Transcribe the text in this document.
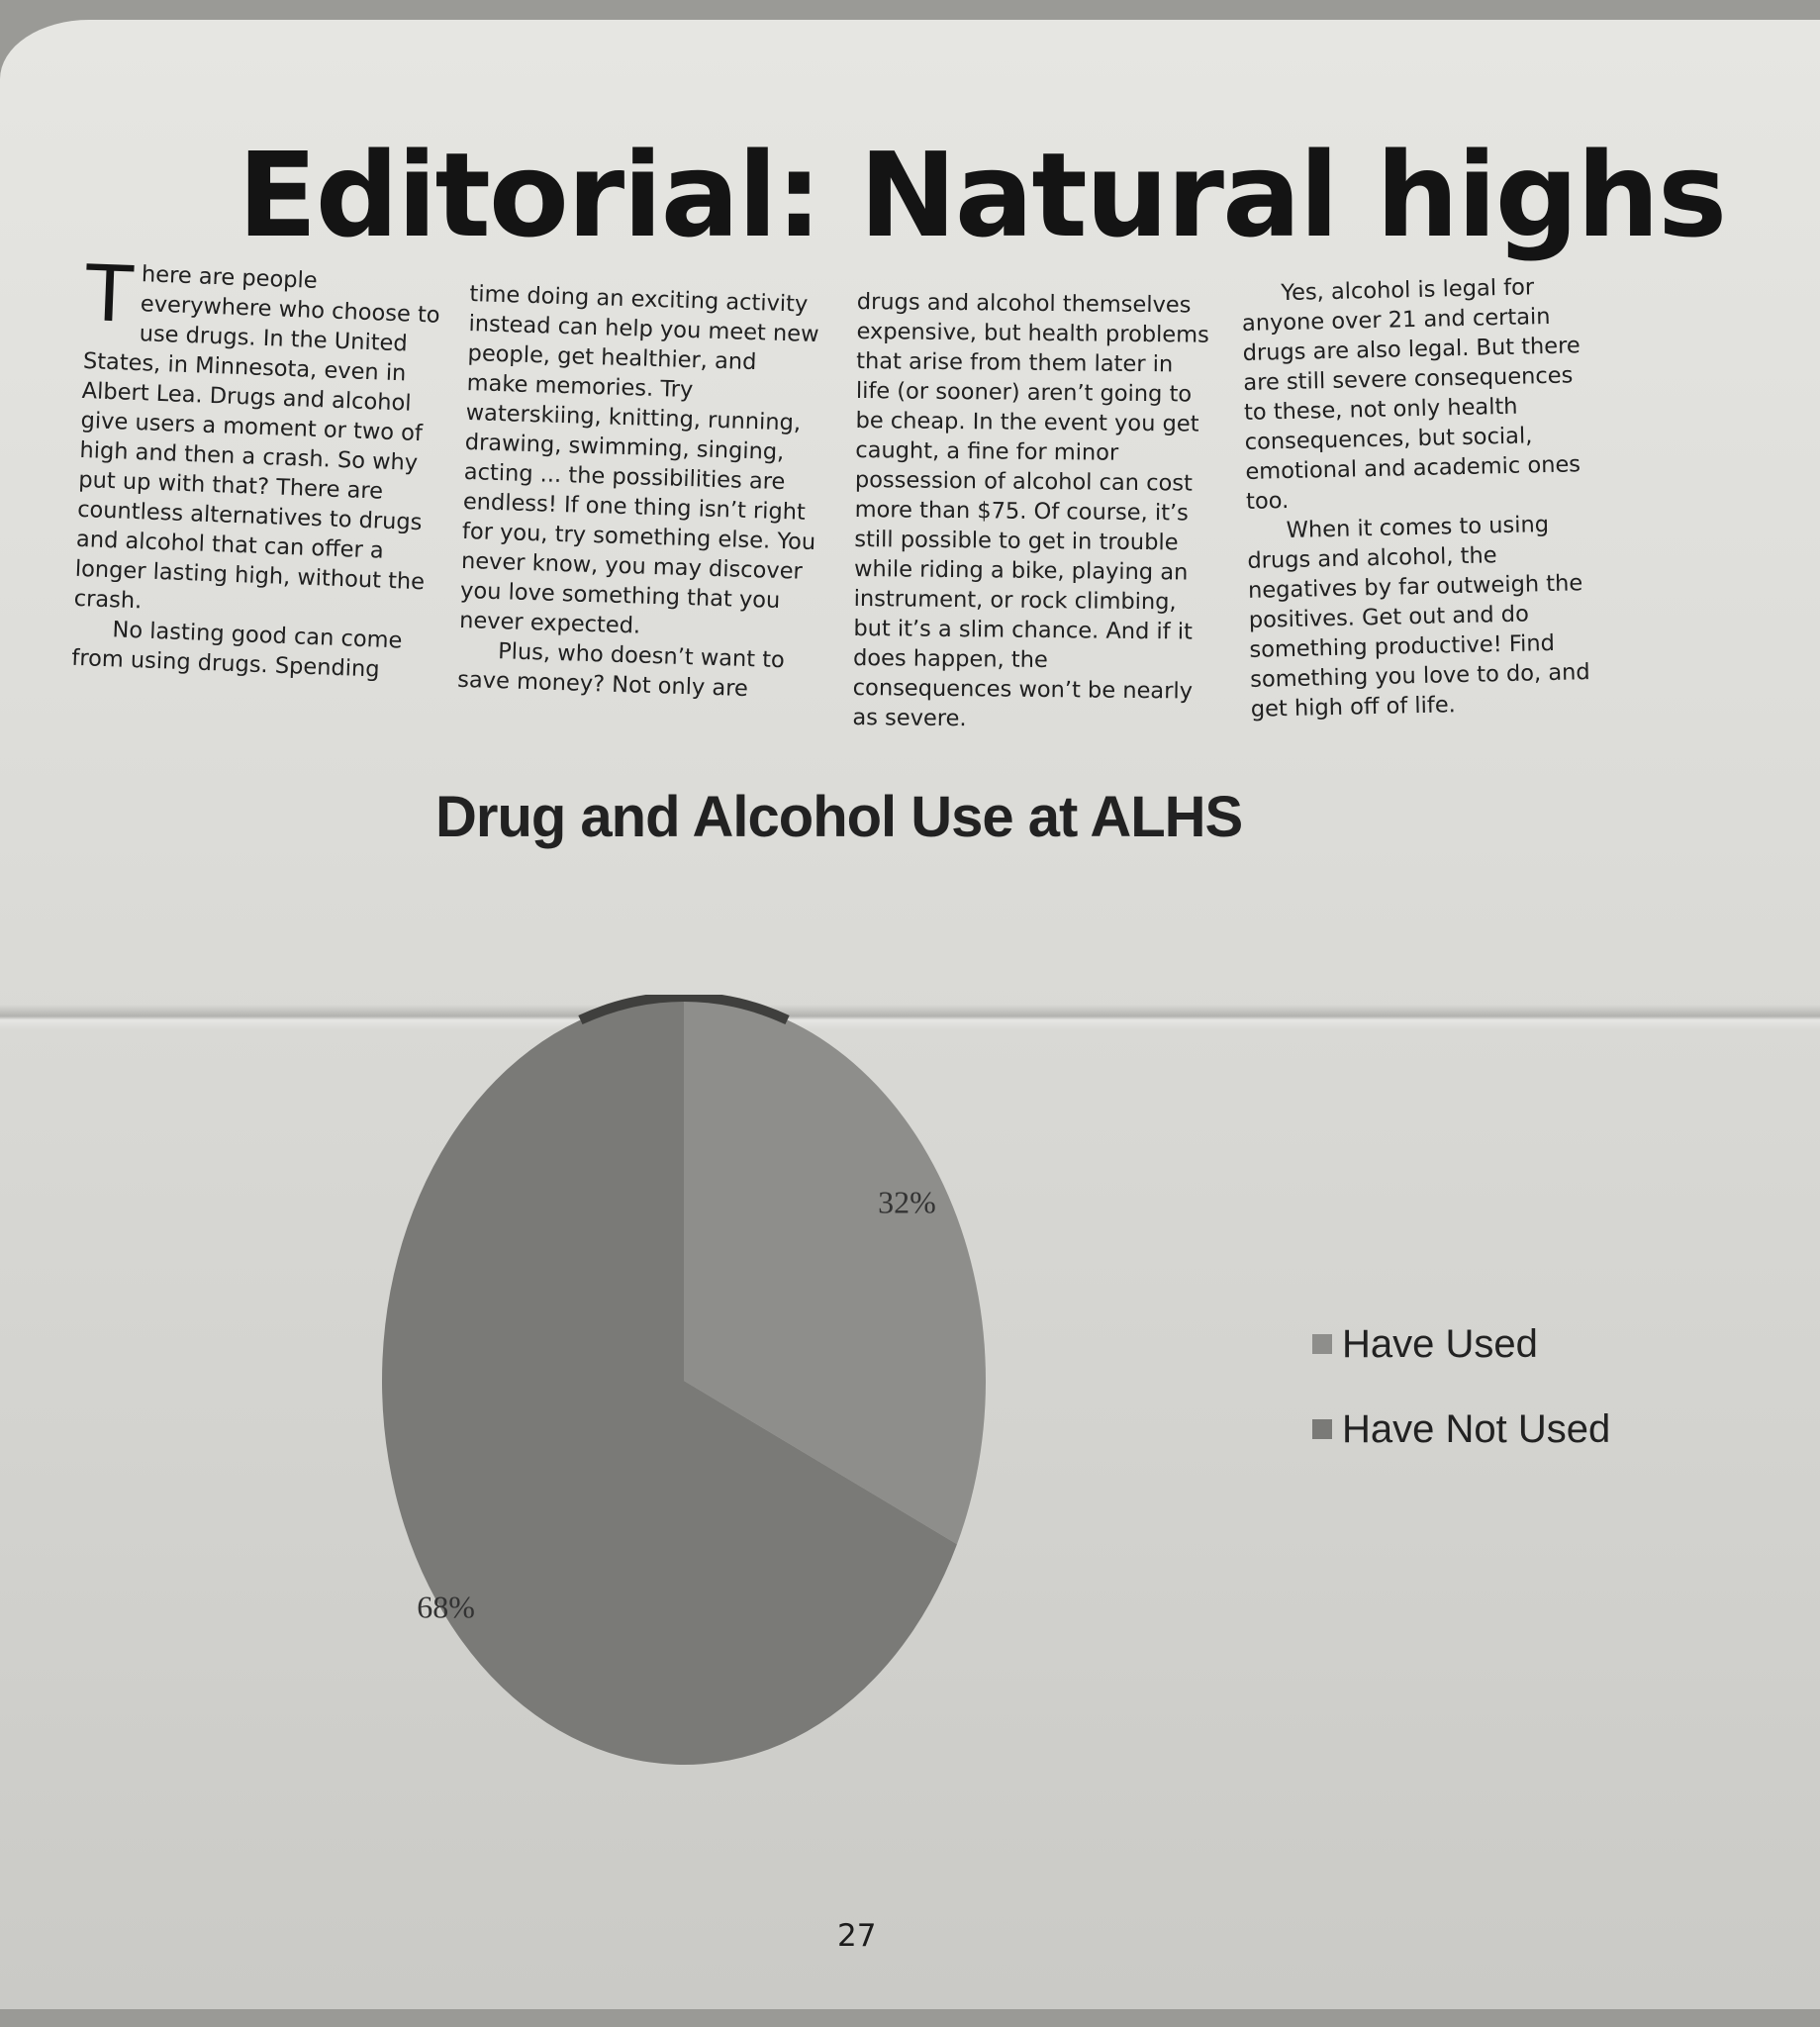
Editorial: Natural highs

There are people everywhere who choose to use drugs. In the United States, in Minnesota, even in Albert Lea. Drugs and alcohol give users a moment or two of high and then a crash. So why put up with that? There are countless alternatives to drugs and alcohol that can offer a longer lasting high, without the crash.

No lasting good can come from using drugs. Spending

time doing an exciting activity instead can help you meet new people, get healthier, and make memories. Try waterskiing, knitting, running, drawing, swimming, singing, acting ... the possibilities are endless! If one thing isn’t right for you, try something else. You never know, you may discover you love something that you never expected.

Plus, who doesn’t want to save money? Not only are

drugs and alcohol themselves expensive, but health problems that arise from them later in life (or sooner) aren’t going to be cheap. In the event you get caught, a fine for minor possession of alcohol can cost more than $75. Of course, it’s still possible to get in trouble while riding a bike, playing an instrument, or rock climbing, but it’s a slim chance. And if it does happen, the consequences won’t be nearly as severe.

Yes, alcohol is legal for anyone over 21 and certain drugs are also legal. But there are still severe consequences to these, not only health consequences, but social, emotional and academic ones too.

When it comes to using drugs and alcohol, the negatives by far outweigh the positives. Get out and do something productive! Find something you love to do, and get high off of life.

Drug and Alcohol Use at ALHS
32%
68%
Have Used
Have Not Used
27
